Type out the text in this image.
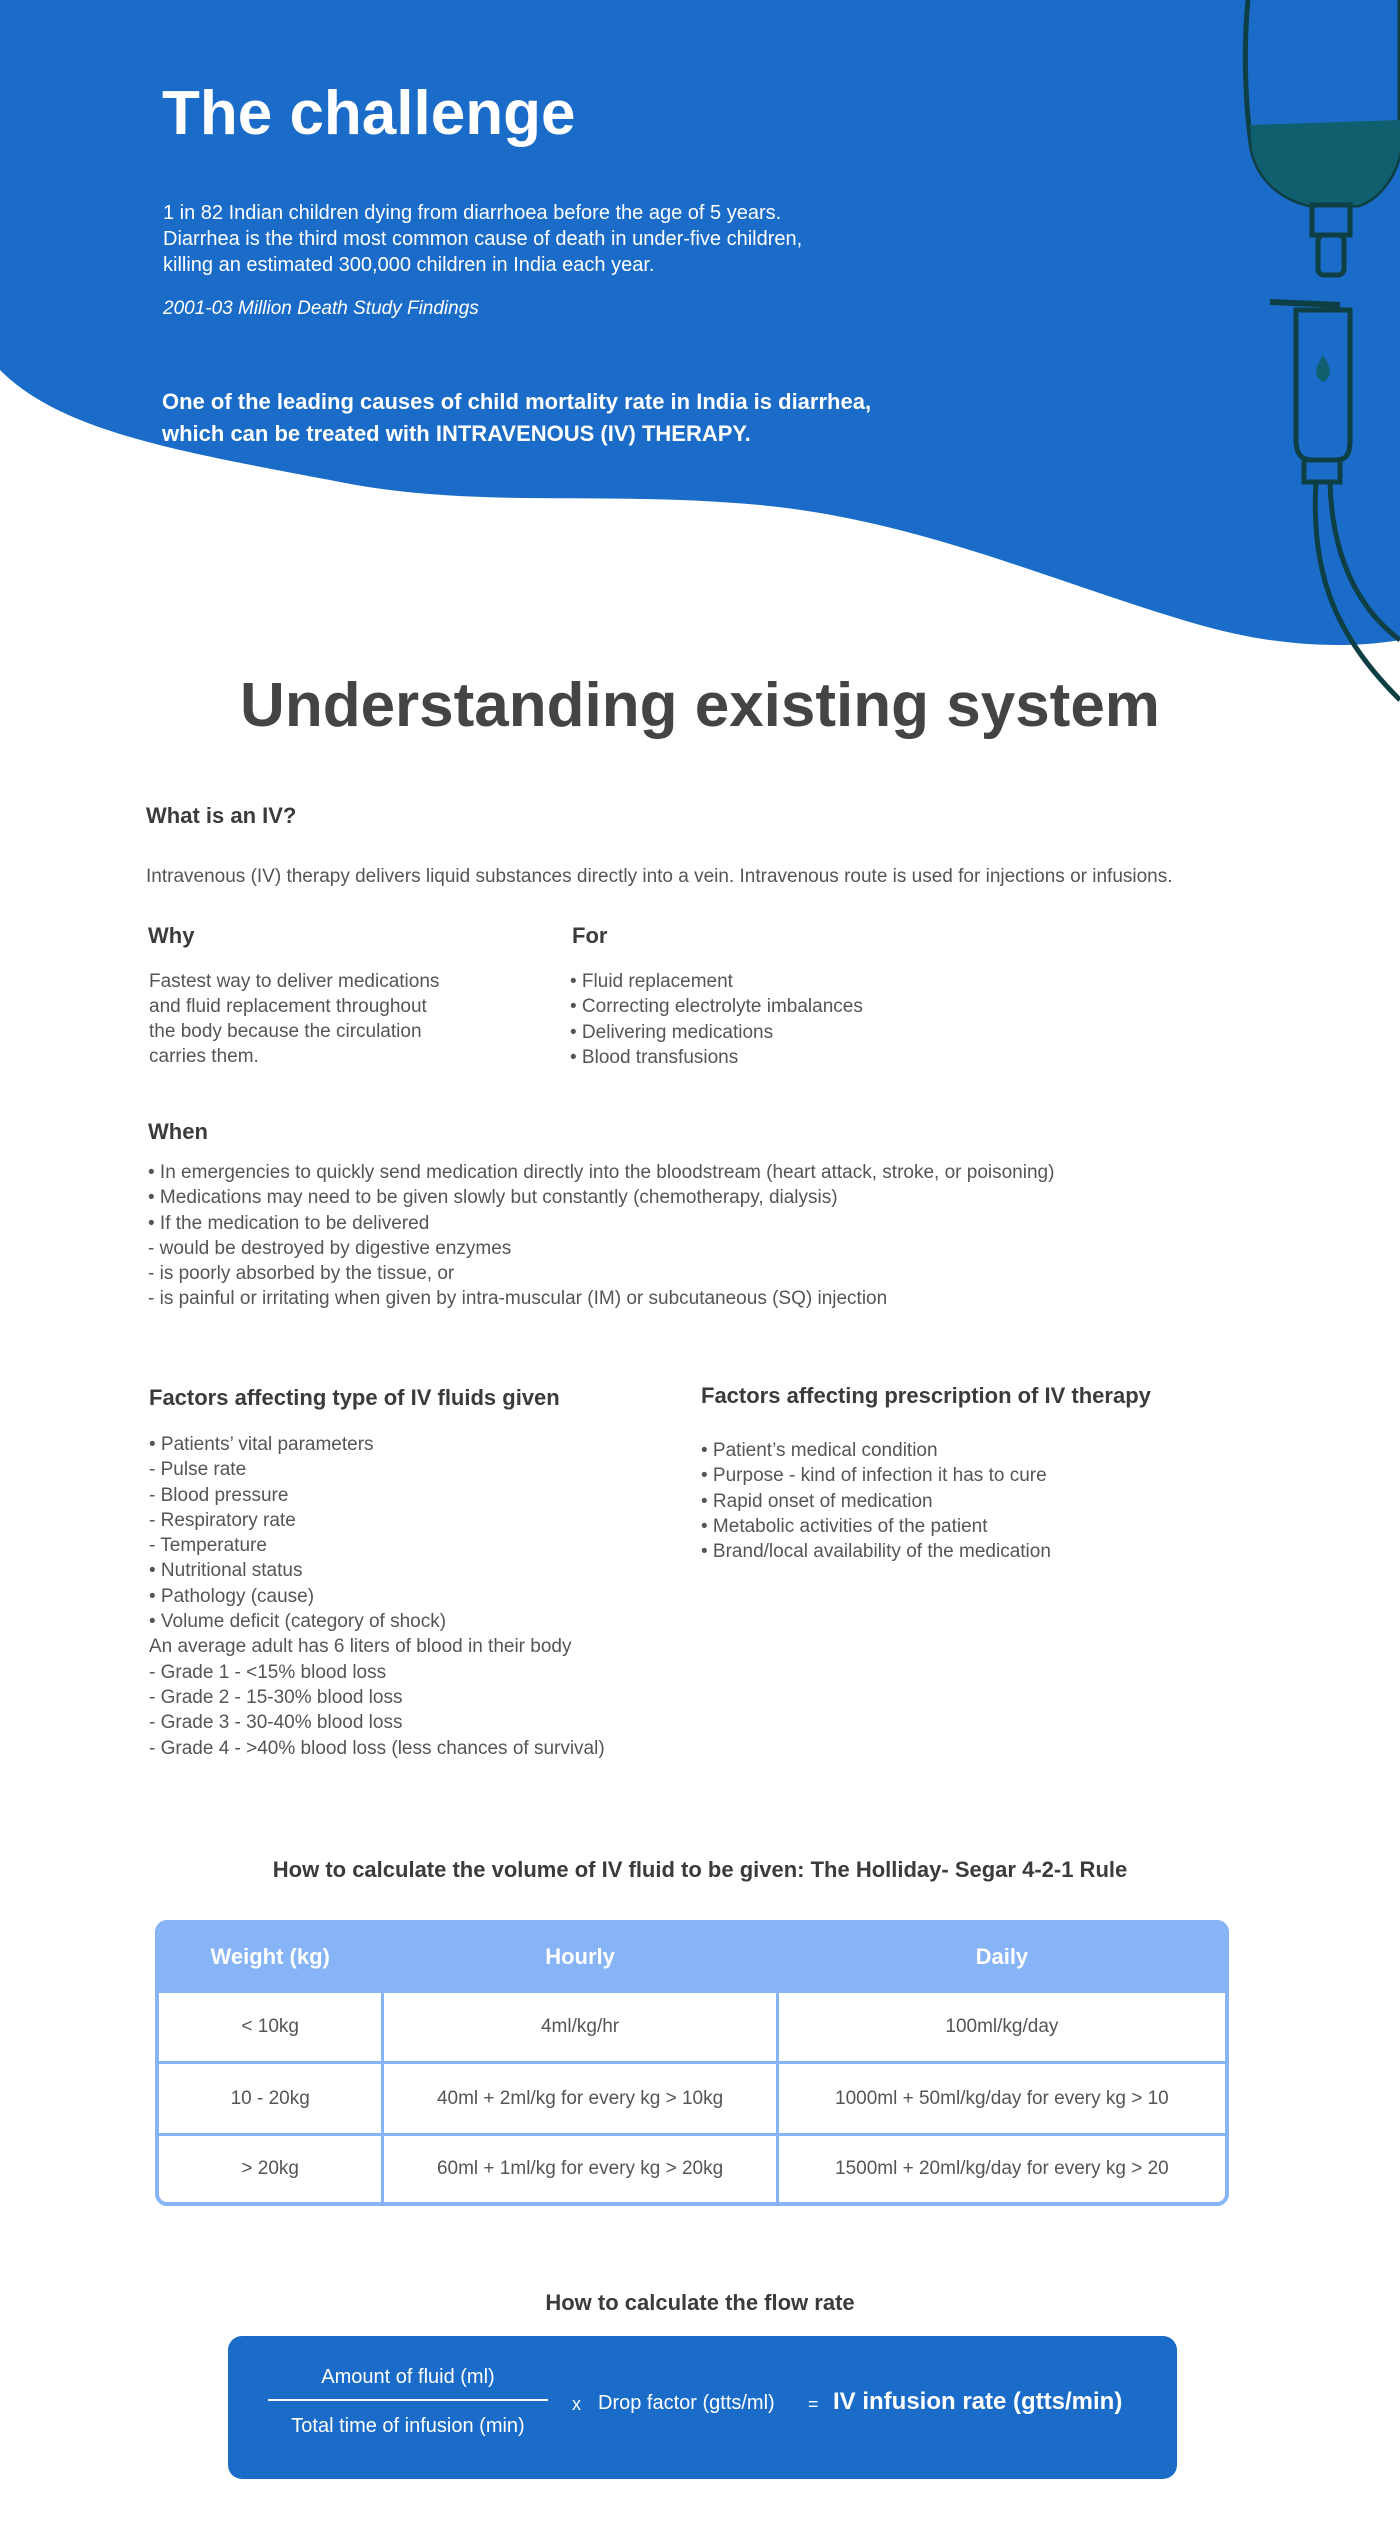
The challenge

1 in 82 Indian children dying from diarrhoea before the age of 5 years.
Diarrhea is the third most common cause of death in under-five children,
killing an estimated 300,000 children in India each year.

2001-03 Million Death Study Findings

One of the leading causes of child mortality rate in India is diarrhea,
which can be treated with INTRAVENOUS (IV) THERAPY.

Understanding existing system
What is an IV?

Intravenous (IV) therapy delivers liquid substances directly into a vein. Intravenous route is used for injections or infusions.

Why

Fastest way to deliver medications
and fluid replacement throughout
the body because the circulation
carries them.

For
• Fluid replacement
• Correcting electrolyte imbalances
• Delivering medications
• Blood transfusions
When
• In emergencies to quickly send medication directly into the bloodstream (heart attack, stroke, or poisoning)
• Medications may need to be given slowly but constantly (chemotherapy, dialysis)
• If the medication to be delivered
- would be destroyed by digestive enzymes
- is poorly absorbed by the tissue, or
- is painful or irritating when given by intra-muscular (IM) or subcutaneous (SQ) injection
Factors affecting type of IV fluids given
• Patients’ vital parameters
- Pulse rate
- Blood pressure
- Respiratory rate
- Temperature
• Nutritional status
• Pathology (cause)
• Volume deficit (category of shock)
An average adult has 6 liters of blood in their body
- Grade 1 - <15% blood loss
- Grade 2 - 15-30% blood loss
- Grade 3 - 30-40% blood loss
- Grade 4 - >40% blood loss (less chances of survival)
Factors affecting prescription of IV therapy
• Patient’s medical condition
• Purpose - kind of infection it has to cure
• Rapid onset of medication
• Metabolic activities of the patient
• Brand/local availability of the medication
How to calculate the volume of IV fluid to be given: The Holliday- Segar 4-2-1 Rule
Weight (kg)	Hourly	Daily
< 10kg	4ml/kg/hr	100ml/kg/day
10 - 20kg	40ml + 2ml/kg for every kg > 10kg	1000ml + 50ml/kg/day for every kg > 10
> 20kg	60ml + 1ml/kg for every kg > 20kg	1500ml + 20ml/kg/day for every kg > 20
How to calculate the flow rate
Amount of fluid (ml)
Total time of infusion (min)
x Drop factor (gtts/ml) = IV infusion rate (gtts/min)
